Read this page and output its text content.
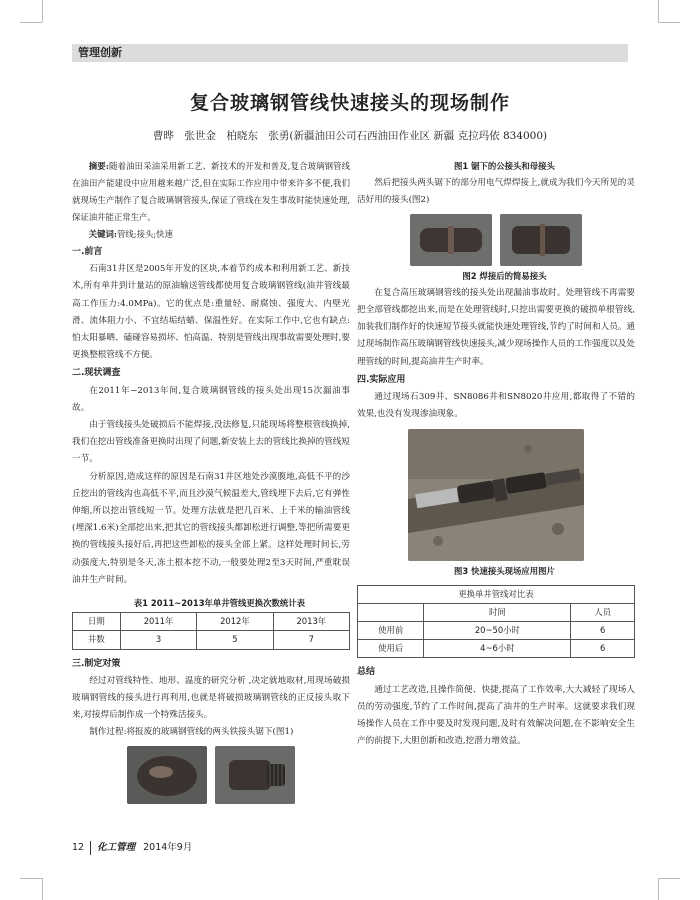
管理创新
复合玻璃钢管线快速接头的现场制作
曹晔　张世金　柏晓东　张勇(新疆油田公司石西油田作业区 新疆 克拉玛依 834000)

摘要:随着油田采油采用新工艺、新技术的开发和普及,复合玻璃钢管线在油田产能建设中应用越来越广泛,但在实际工作应用中带来许多不便,我们就现场生产制作了复合玻璃钢管接头,保证了管线在发生事故时能快速处理,保证油井能正常生产。

关键词:管线;接头;快速

一.前言

石南31井区是2005年开发的区块,本着节约成本和利用新工艺、新技术,所有单井到计量站的原油输送管线都使用复合玻璃钢管线(油井管线最高工作压力:4.0MPa)。它的优点是:重量轻、耐腐蚀、强度大、内壁光滑、流体阻力小、不宜结垢结蜡、保温性好。在实际工作中,它也有缺点:怕太阳暴晒、磕碰容易损坏、怕高温、特别是管线出现事故需要处理时,要更换整根管线不方便。

二.现状调查

在2011年~2013年间,复合玻璃钢管线的接头处出现15次漏油事故。

由于管线接头处破损后不能焊接,没法修复,只能现场将整根管线换掉,我们在挖出管线准备更换时出现了问题,新安装上去的管线比换掉的管线短一节。

分析原因,造成这样的原因是石南31井区地处沙漠腹地,高低不平的沙丘挖出的管线沟也高低不平,而且沙漠气候温差大,管线埋下去后,它有弹性伸缩,所以挖出管线短一节。处理方法就是把几百米、上千米的输油管线(埋深1.6米)全部挖出来,把其它的管线接头都卸松进行调整,等把所需要更换的管线接头接好后,再把这些卸松的接头全部上紧。这样处理时间长,劳动强度大,特别是冬天,冻土根本挖不动,一般要处理2至3天时间,严重耽误油井生产时间。

表1 2011~2013年单井管线更换次数统计表

日期	2011年	2012年	2013年
井数	3	5	7
三.制定对策

经过对管线特性、地形、温度的研究分析 ,决定就地取材,用现场破损玻璃钢管线的接头进行再利用,也就是将破损玻璃钢管线的正反接头取下来,对接焊后制作成一个特殊活接头。

制作过程:将报废的玻璃钢管线的两头铁接头锯下(图1)

图1 锯下的公接头和母接头

然后把接头两头锯下的部分用电气焊焊接上,就成为我们今天所见的灵活好用的接头(图2)

图2 焊接后的简易接头

在复合高压玻璃钢管线的接头处出现漏油事故时。处理管线不再需要把全部管线都挖出来,而是在处理管线时,只挖出需要更换的破损单根管线,加装我们制作好的快速短节接头就能快速处理管线,节约了时间和人员。通过现场制作高压玻璃钢管线快速接头,减少现场操作人员的工作强度以及处理管线的时间,提高油井生产时率。

四.实际应用

通过现场石309井、SN8086井和SN8020井应用,都取得了不错的效果,也没有发现渗油现象。

图3 快速接头现场应用图片

更换单井管线对比表		
	时间	人员
使用前	20~50小时	6
使用后	4~6小时	6
总结

通过工艺改造,且操作简便、快捷,提高了工作效率,大大减轻了现场人员的劳动强度,节约了工作时间,提高了油井的生产时率。这就要求我们现场操作人员在工作中要及时发现问题,及时有效解决问题,在不影响安全生产的前提下,大胆创新和改造,挖潜力增效益。

12 化工管理 2014年9月
